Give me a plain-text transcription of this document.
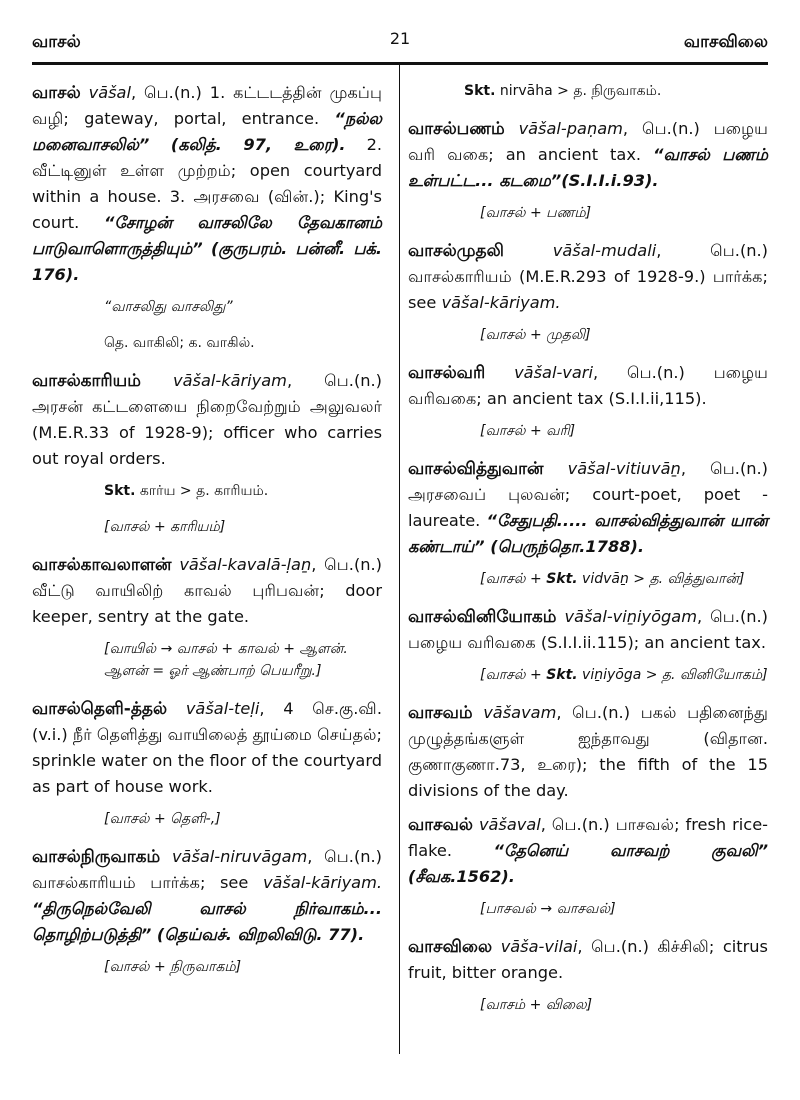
வாசல்	21	வாசவிலை

வாசல் vāšal, பெ.(n.) 1. கட்டடத்தின் முகப்பு வழி; gateway, portal, entrance. “நல்ல மனைவாசலில்” (கலித். 97, உரை). 2. வீட்டினுள் உள்ள முற்றம்; open courtyard within a house. 3. அரசவை (வின்.); King's court. “சோழன் வாசலிலே தேவகானம் பாடுவாளொருத்தியும்” (குருபரம். பன்னீ. பக். 176).

“வாசலிது வாசலிது”
தெ. வாகிலி; க. வாகில்.

வாசல்காரியம் vāšal-kāriyam, பெ.(n.) அரசன் கட்டளையை நிறைவேற்றும் அலுவலர் (M.E.R.33 of 1928-9); officer who carries out royal orders.

Skt. கார்ய > த. காரியம்.
[வாசல் + காரியம்]

வாசல்காவலாளன் vāšal-kavalā-ḷaṉ, பெ.(n.) வீட்டு வாயிலிற் காவல் புரிபவன்; door keeper, sentry at the gate.

[வாயில் → வாசல் + காவல் + ஆளன். ஆளன் = ஓர் ஆண்பாற் பெயரீறு.]

வாசல்தெளி-த்தல் vāšal-teḷi, 4 செ.கு.வி. (v.i.) நீர் தெளித்து வாயிலைத் தூய்மை செய்தல்; sprinkle water on the floor of the courtyard as part of house work.

[வாசல் + தெளி-,]

வாசல்நிருவாகம் vāšal-niruvāgam, பெ.(n.) வாசல்காரியம் பார்க்க; see vāšal-kāriyam. “திருநெல்வேலி வாசல் நிர்வாகம்... தொழிற்படுத்தி” (தெய்வச். விறலிவிடு. 77).

[வாசல் + நிருவாகம்]
Skt. nirvāha > த. நிருவாகம்.

வாசல்பணம் vāšal-paṇam, பெ.(n.) பழைய வரி வகை; an ancient tax. “வாசல் பணம் உள்பட்ட... கடமை”(S.I.I.i.93).

[வாசல் + பணம்]

வாசல்முதலி	vāšal-mudali, பெ.(n.) வாசல்காரியம் (M.E.R.293 of 1928-9.) பார்க்க; see vāšal-kāriyam.

[வாசல் + முதலி]

வாசல்வரி vāšal-vari, பெ.(n.) பழைய வரிவகை; an ancient tax (S.I.I.ii,115).

[வாசல் + வரி]

வாசல்வித்துவான் vāšal-vitiuvāṉ, பெ.(n.) அரசவைப் புலவன்; court-poet, poet - laureate. “சேதுபதி..... வாசல்வித்துவான் யான் கண்டாய்” (பெருந்தொ.1788).

[வாசல் + Skt. vidvāṉ > த. வித்துவான்]

வாசல்வினியோகம் vāšal-viṉiyōgam, பெ.(n.) பழைய வரிவகை (S.I.I.ii.115); an ancient tax.

[வாசல் + Skt. viṉiyōga > த. வினியோகம்]

வாசவம் vāšavam, பெ.(n.) பகல் பதினைந்து முழுத்தங்களுள் ஐந்தாவது (விதான. குணாகுணா.73, உரை); the fifth of the 15 divisions of the day.

வாசவல் vāšaval, பெ.(n.) பாசவல்; fresh rice-flake. “தேனெய் வாசவற் குவலி” (சீவக.1562).

[பாசவல் → வாசவல்]

வாசவிலை vāša-vilai, பெ.(n.) கிச்சிலி; citrus fruit, bitter orange.

[வாசம் + விலை]
